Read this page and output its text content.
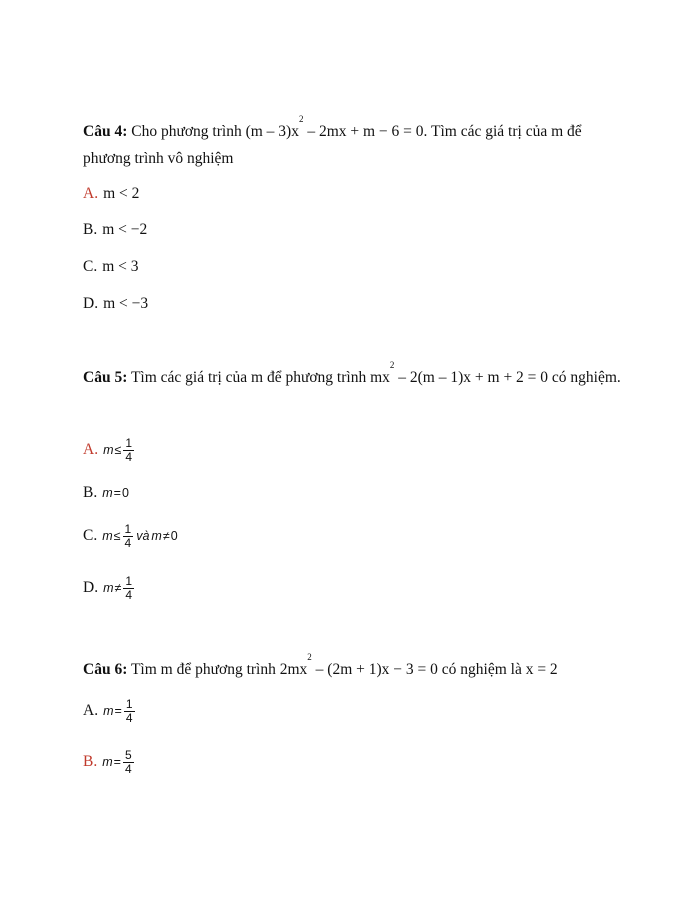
Câu 4: Cho phương trình $(m - 3)x^2 - 2mx + m - 6 = 0$. Tìm các giá trị của m để phương trình vô nghiệm
A. m < 2
B. m < −2
C. m < 3
D. m < −3
Câu 5: Tìm các giá trị của m để phương trình $mx^2 - 2(m - 1)x + m + 2 = 0$ có nghiệm.
A. $m \le \frac{1}{4}$
B. m = 0
C. $m \le \frac{1}{4}$ và m ≠ 0
D. $m \ne \frac{1}{4}$
Câu 6: Tìm m để phương trình $2mx^2 - (2m + 1)x - 3 = 0$ có nghiệm là x = 2
A. $m = \frac{1}{4}$
B. $m = \frac{5}{4}$
